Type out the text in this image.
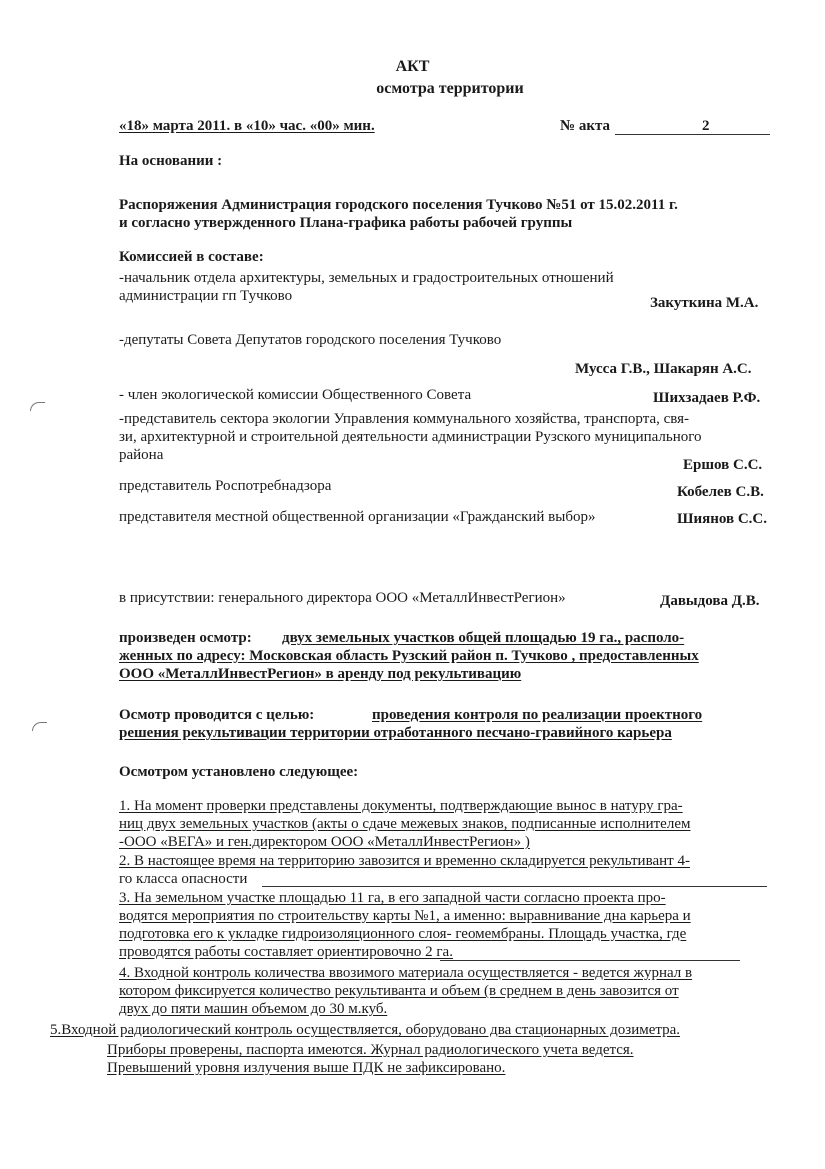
АКТ
осмотра территории
«18» марта 2011. в «10» час. «00» мин.	№ акта	2
На основании :
Распоряжения Администрация городского поселения Тучково №51 от 15.02.2011 г.
и согласно утвержденного Плана-графика работы рабочей группы
Комиссией в составе:
-начальник отдела архитектуры, земельных и градостроительных отношений
администрации гп Тучково	Закуткина М.А.
-депутаты Совета Депутатов городского поселения Тучково
Мусса Г.В., Шакарян А.С.
- член экологической комиссии Общественного Совета	Шихзадаев Р.Ф.
-представитель сектора экологии Управления коммунального хозяйства, транспорта, свя-
зи, архитектурной и строительной деятельности администрации Рузского муниципального
района
Ершов С.С.
представитель Роспотребнадзора	Кобелев С.В.
представителя местной общественной организации «Гражданский выбор»	Шиянов С.С.
в присутствии: генерального директора ООО «МеталлИнвестРегион»	Давыдова Д.В.
произведен осмотр: двух земельных участков общей площадью 19 га., располо-
женных по адресу: Московская область Рузский район п. Тучково , предоставленных
ООО «МеталлИнвестРегион» в аренду под рекультивацию
Осмотр проводится с целью:	проведения контроля по реализации проектного
решения рекультивации территории отработанного песчано-гравийного карьера
Осмотром установлено следующее:
1. На момент проверки представлены документы, подтверждающие вынос в натуру гра-
ниц двух земельных участков (акты о сдаче межевых знаков, подписанные исполнителем
-ООО «ВЕГА» и ген.директором ООО «МеталлИнвестРегион» )
2. В настоящее время на территорию завозится и временно складируется рекультивант 4-
го класса опасности
3. На земельном участке площадью 11 га, в его западной части согласно проекта про-
водятся мероприятия по строительству карты №1, а именно: выравнивание дна карьера и
подготовка его к укладке гидроизоляционного слоя- геомембраны. Площадь участка, где
проводятся работы составляет ориентировочно 2 га.
4. Входной контроль количества ввозимого материала осуществляется - ведется журнал в
котором фиксируется количество рекультиванта и объем (в среднем в день завозится от
двух до пяти машин объемом до 30 м.куб.
5.Входной радиологический контроль осуществляется, оборудовано два стационарных дозиметра.
Приборы проверены, паспорта имеются. Журнал радиологического учета ведется.
Превышений уровня излучения выше ПДК не зафиксировано.
